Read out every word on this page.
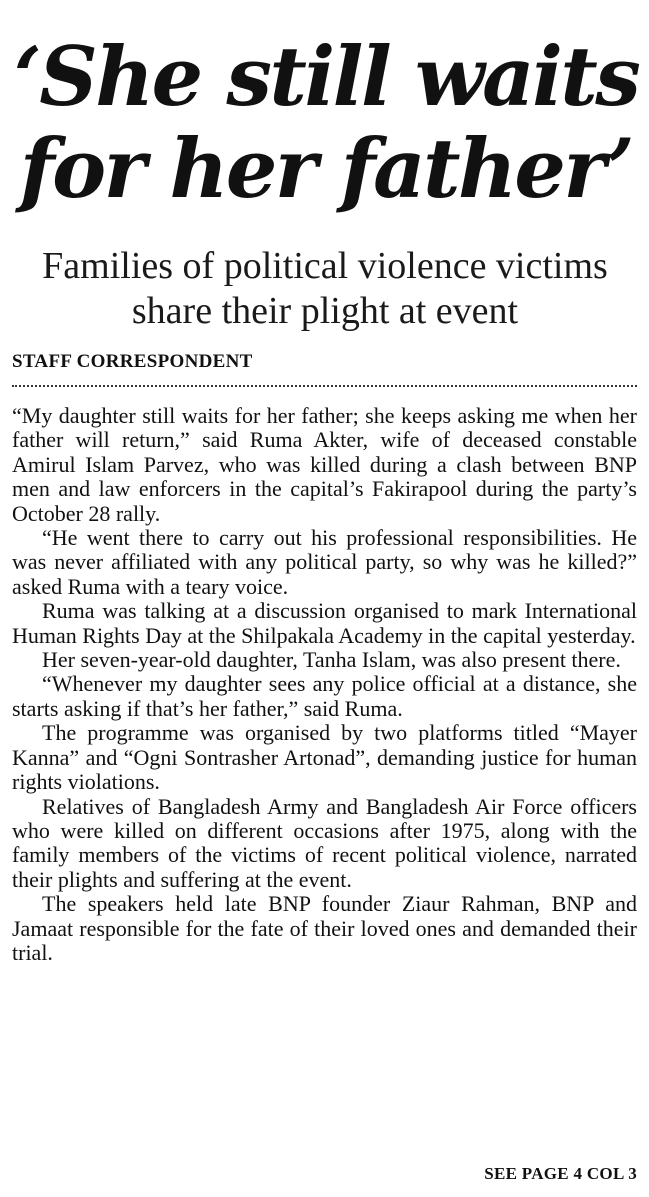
‘She still waits for her father’
Families of political violence victims share their plight at event
STAFF CORRESPONDENT

“My daughter still waits for her father; she keeps asking me when her father will return,” said Ruma Akter, wife of deceased constable Amirul Islam Parvez, who was killed during a clash between BNP men and law enforcers in the capital’s Fakirapool during the party’s October 28 rally.

“He went there to carry out his professional responsibilities. He was never affiliated with any political party, so why was he killed?” asked Ruma with a teary voice.

Ruma was talking at a discussion organised to mark International Human Rights Day at the Shilpakala Academy in the capital yesterday.

Her seven-year-old daughter, Tanha Islam, was also present there.

“Whenever my daughter sees any police official at a distance, she starts asking if that’s her father,” said Ruma.

The programme was organised by two platforms titled “Mayer Kanna” and “Ogni Sontrasher Artonad”, demanding justice for human rights violations.

Relatives of Bangladesh Army and Bangladesh Air Force officers who were killed on different occasions after 1975, along with the family members of the victims of recent political violence, narrated their plights and suffering at the event.

The speakers held late BNP founder Ziaur Rahman, BNP and Jamaat responsible for the fate of their loved ones and demanded their trial.

SEE PAGE 4 COL 3
